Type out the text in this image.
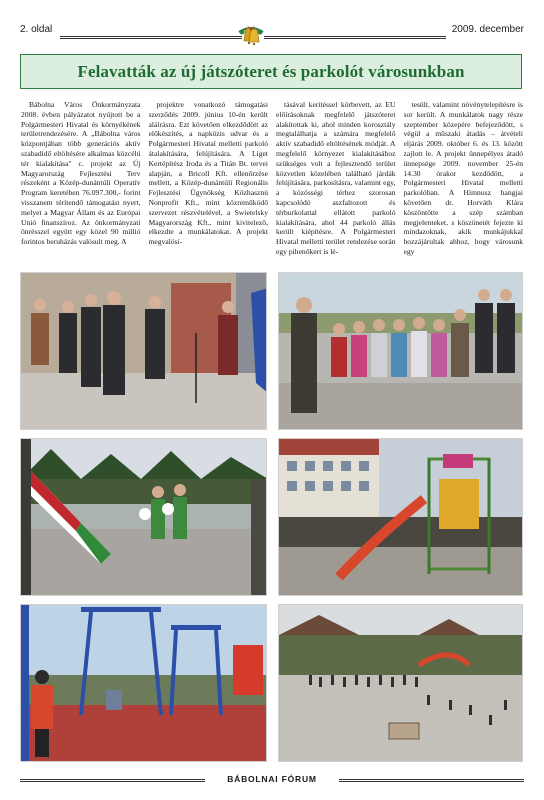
2. oldal	2009. december
Felavatták az új játszóteret és parkolót városunkban

Bábolna Város Önkormányzata 2008. évben pályázatot nyújtott be a Polgármesteri Hivatal és környékének területrendezésére. A „Bábolna város központjában több generációs aktív szabadidő eltöltésére alkalmas közcélú tér kialakítása" c. projekt az Új Magyarország Fejlesztési Terv részeként a Közép-dunántúli Operatív Program keretében 76.097.300,- forint visszanem térítendő támogatást nyert, melyet a Magyar Állam és az Európai Unió finanszíroz. Az önkormányzati önrésszel együtt egy közel 90 millió forintos beruházás valósult meg. A

projektre vonatkozó támogatási szerződés 2009. június 10-én került aláírásra. Ezt követően elkezdődött az előkészítés, a napközis udvar és a Polgármesteri Hivatal melletti parkoló átalakítására, felújítására. A Liget Kertépítész Iroda és a Titán Bt. tervei alapján, a Bricoll Kft. ellenőrzése mellett, a Közép-dunántúli Regionális Fejlesztési Ügynökség Közhasznú Nonprofit Kft., mint közreműködő szervezet részvételével, a Swietelsky Magyarország Kft., mint kivitelező, elkezdte a munkálatokat. A projekt megvalósí-

tásával kerítéssel körbevett, az EU előírásoknak megfelelő játszóteret alakítottak ki, ahol minden korosztály megtalálhatja a számára megfelelő aktív szabadidő eltöltésének módját. A megfelelő környezet kialakításához szükséges volt a fejlesztendő terület közvetlen közelében található járdák felújítására, parkosításra, valamint egy, a közösségi térhez szorosan kapcsolódó aszfaltozott és térburkolattal ellátott parkoló kialakítására, ahol 44 parkoló állás került kiépítésre. A Polgármesteri Hivatal melletti terület rendezése során egy pihenőkert is lé-

tesült, valamint növénytelepítésre is sor került. A munkálatok nagy része szeptember közepére befejeződött, s végül a műszaki átadás – átvételi eljárás 2009. október 6. és 13. között zajlott le. A projekt ünnepélyes átadó ünnepsége 2009. november 25-én 14.30 órakor kezdődött, a Polgármesteri Hivatal melletti parkolóban. A Himnusz hangjai követően dr. Horváth Klára köszöntötte a szép számban megjelenteket, s köszönetét fejezte ki mindazoknak, akik munkájukkal hozzájárultak ahhoz, hogy városunk egy

BÁBOLNAI FÓRUM
